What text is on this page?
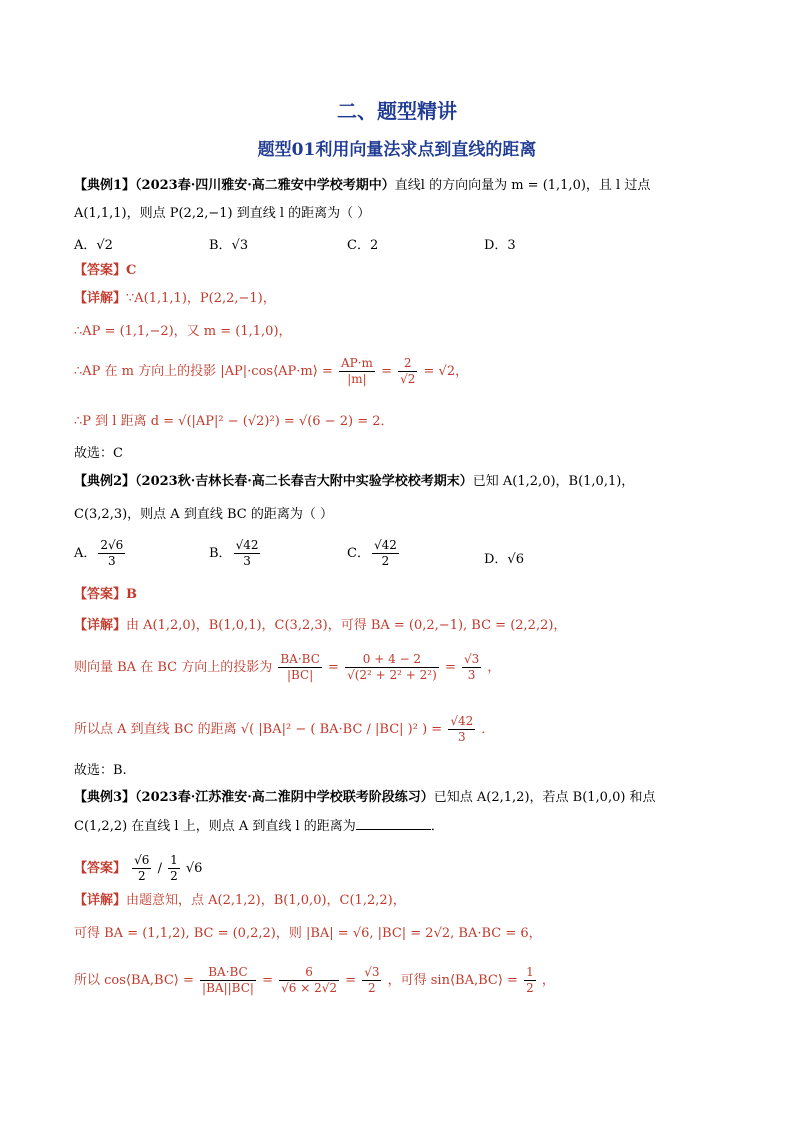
二、题型精讲
题型01利用向量法求点到直线的距离
【典例1】（2023春·四川雅安·高二雅安中学校考期中）直线l 的方向向量为 m = (1,1,0)，且 l 过点
A(1,1,1)，则点 P(2,2,−1) 到直线 l 的距离为（ ）
A．√2	B．√3	C．2	D．3
【答案】C
【详解】∵A(1,1,1)，P(2,2,−1)，
∴AP = (1,1,−2)，又 m = (1,1,0)，
∴AP 在 m 方向上的投影 |AP|·cos⟨AP·m⟩ = $\frac{AP\cdot m}{|m|} = \frac{2}{√2} = √2$，
∴P 到 l 距离 d = √(|AP|² − (√2)²) = √(6 − 2) = 2．
故选：C
【典例2】（2023秋·吉林长春·高二长春吉大附中实验学校校考期末）已知 A(1,2,0)，B(1,0,1)，
C(3,2,3)，则点 A 到直线 BC 的距离为（ ）
A． $\frac{2√6}{3}$	B． $\frac{√42}{3}$	C． $\frac{√42}{2}$	D．√6
【答案】B
【详解】由 A(1,2,0)，B(1,0,1)，C(3,2,3)，可得 BA = (0,2,−1), BC = (2,2,2)，
则向量 BA 在 BC 方向上的投影为 $\frac{BA\cdot BC}{|BC|} = \frac{0 + 4 - 2}{\text{√(2² + 2² + 2²)}} = \frac{√3}{3}$ ，
所以点 A 到直线 BC 的距离 √( |BA|² − ( BA·BC / |BC| )² ) = $\frac{√42}{3}$ ．
故选：B.
【典例3】（2023春·江苏淮安·高二淮阴中学校联考阶段练习）已知点 A(2,1,2)，若点 B(1,0,0) 和点
C(1,2,2) 在直线 l 上，则点 A 到直线 l 的距离为	．
【答案】 $\frac{√6}{2} / \frac{1}{2} √6$
【详解】由题意知，点 A(2,1,2)，B(1,0,0)，C(1,2,2)，
可得 BA = (1,1,2), BC = (0,2,2)，则 |BA| = √6, |BC| = 2√2, BA·BC = 6，
所以 cos⟨BA,BC⟩ = $\frac{BA\cdot BC}{|BA||BC|} = \frac{6}{√6 \times 2√2} = \frac{√3}{2}$ ，可得 sin⟨BA,BC⟩ = $\frac{1}{2}$ ，
